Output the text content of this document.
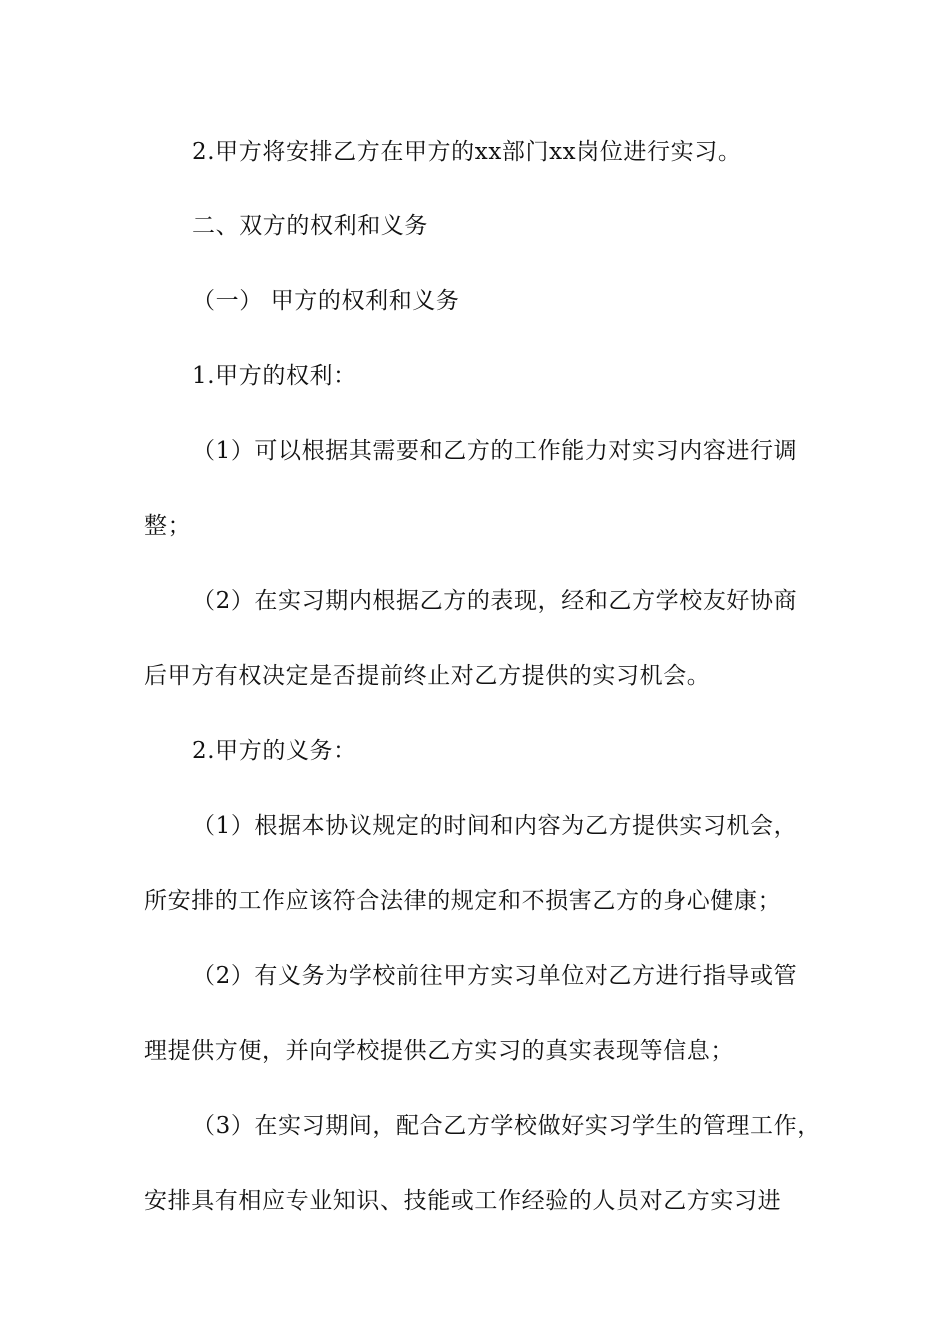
2.甲方将安排乙方在甲方的xx部门xx岗位进行实习。
二、双方的权利和义务
（一） 甲方的权利和义务
1.甲方的权利：
（1）可以根据其需要和乙方的工作能力对实习内容进行调
整；
（2）在实习期内根据乙方的表现，经和乙方学校友好协商
后甲方有权决定是否提前终止对乙方提供的实习机会。
2.甲方的义务：
（1）根据本协议规定的时间和内容为乙方提供实习机会，
所安排的工作应该符合法律的规定和不损害乙方的身心健康；
（2）有义务为学校前往甲方实习单位对乙方进行指导或管
理提供方便，并向学校提供乙方实习的真实表现等信息；
（3）在实习期间，配合乙方学校做好实习学生的管理工作，
安排具有相应专业知识、技能或工作经验的人员对乙方实习进
